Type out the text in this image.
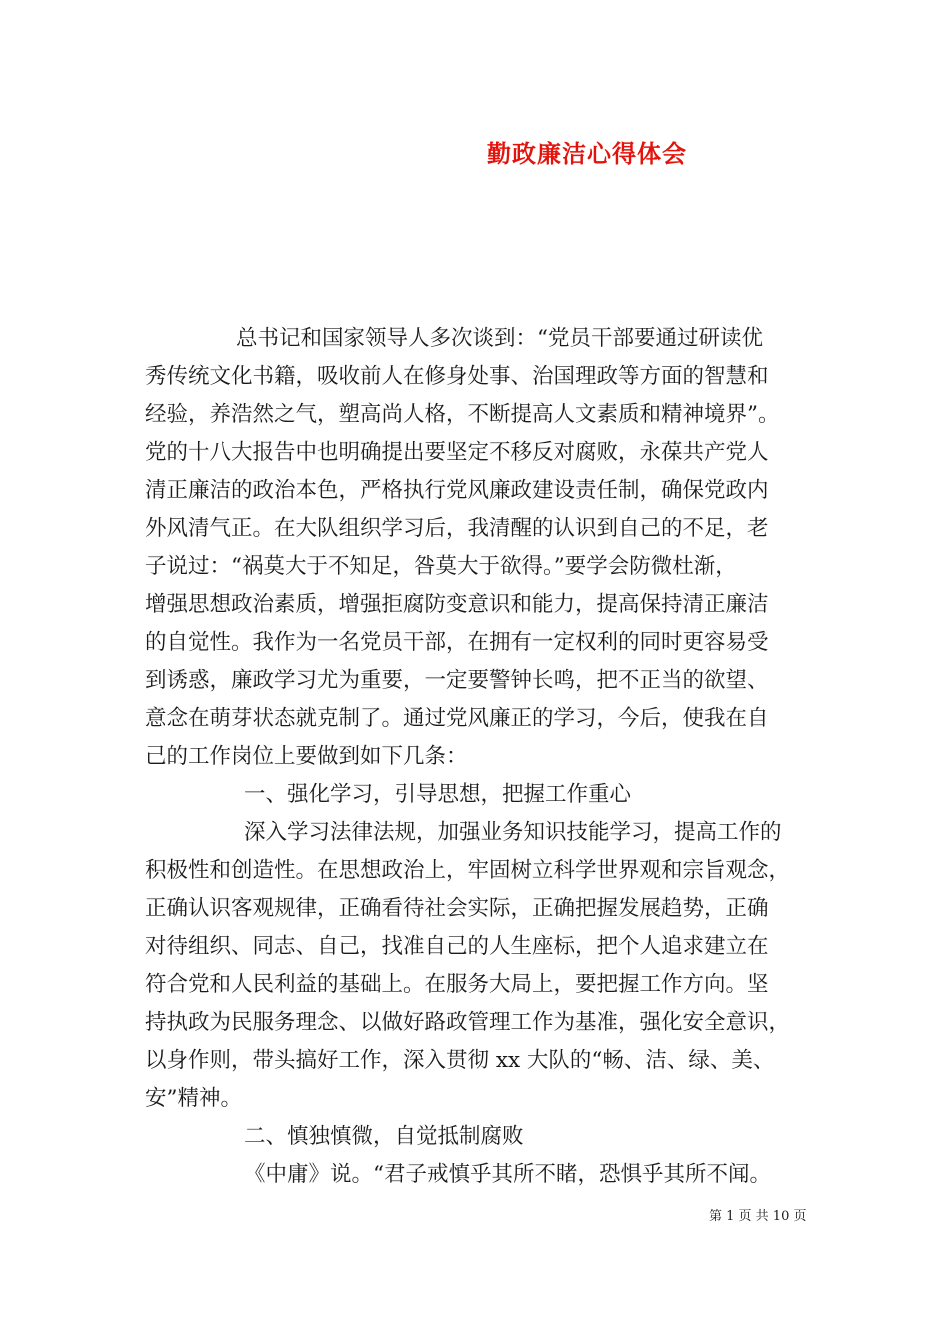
勤政廉洁心得体会
总书记和国家领导人多次谈到：“党员干部要通过研读优
秀传统文化书籍，吸收前人在修身处事、治国理政等方面的智慧和
经验，养浩然之气，塑高尚人格，不断提高人文素质和精神境界”。
党的十八大报告中也明确提出要坚定不移反对腐败，永葆共产党人
清正廉洁的政治本色，严格执行党风廉政建设责任制，确保党政内
外风清气正。在大队组织学习后，我清醒的认识到自己的不足，老
子说过：“祸莫大于不知足，咎莫大于欲得。”要学会防微杜渐，
增强思想政治素质，增强拒腐防变意识和能力，提高保持清正廉洁
的自觉性。我作为一名党员干部，在拥有一定权利的同时更容易受
到诱惑，廉政学习尤为重要，一定要警钟长鸣，把不正当的欲望、
意念在萌芽状态就克制了。通过党风廉正的学习，今后，使我在自
己的工作岗位上要做到如下几条：
一、强化学习，引导思想，把握工作重心
深入学习法律法规，加强业务知识技能学习，提高工作的
积极性和创造性。在思想政治上，牢固树立科学世界观和宗旨观念，
正确认识客观规律，正确看待社会实际，正确把握发展趋势，正确
对待组织、同志、自己，找准自己的人生座标，把个人追求建立在
符合党和人民利益的基础上。在服务大局上，要把握工作方向。坚
持执政为民服务理念、以做好路政管理工作为基准，强化安全意识，
以身作则，带头搞好工作，深入贯彻 xx 大队的“畅、洁、绿、美、
安”精神。
二、慎独慎微，自觉抵制腐败
《中庸》说。“君子戒慎乎其所不睹，恐惧乎其所不闻。
第 1 页 共 10 页
